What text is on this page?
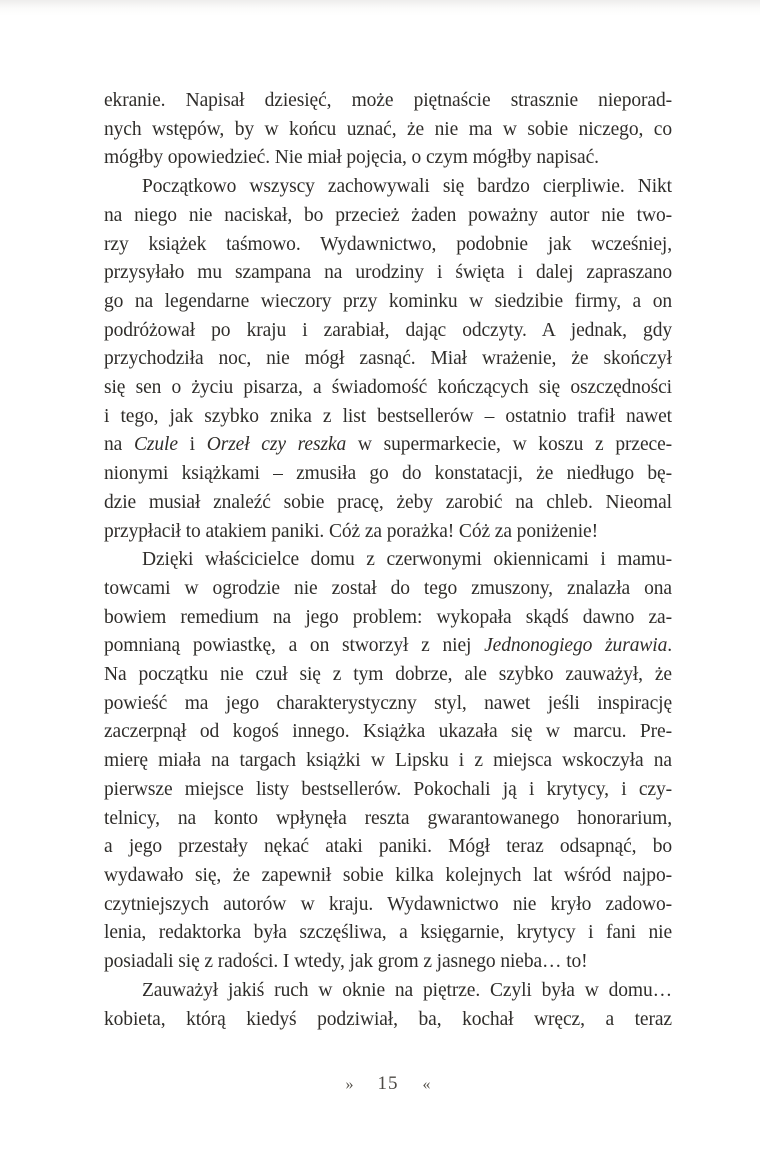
ekranie. Napisał dziesięć, może piętnaście strasznie nieporad-
nych wstępów, by w końcu uznać, że nie ma w sobie niczego, co
mógłby opowiedzieć. Nie miał pojęcia, o czym mógłby napisać.
Początkowo wszyscy zachowywali się bardzo cierpliwie. Nikt
na niego nie naciskał, bo przecież żaden poważny autor nie two-
rzy książek taśmowo. Wydawnictwo, podobnie jak wcześniej,
przysyłało mu szampana na urodziny i święta i dalej zapraszano
go na legendarne wieczory przy kominku w siedzibie firmy, a on
podróżował po kraju i zarabiał, dając odczyty. A jednak, gdy
przychodziła noc, nie mógł zasnąć. Miał wrażenie, że skończył
się sen o życiu pisarza, a świadomość kończących się oszczędności
i tego, jak szybko znika z list bestsellerów – ostatnio trafił nawet
na Czule i Orzeł czy reszka w supermarkecie, w koszu z przece-
nionymi książkami – zmusiła go do konstatacji, że niedługo bę-
dzie musiał znaleźć sobie pracę, żeby zarobić na chleb. Nieomal
przypłacił to atakiem paniki. Cóż za porażka! Cóż za poniżenie!
Dzięki właścicielce domu z czerwonymi okiennicami i mamu-
towcami w ogrodzie nie został do tego zmuszony, znalazła ona
bowiem remedium na jego problem: wykopała skądś dawno za-
pomnianą powiastkę, a on stworzył z niej Jednonogiego żurawia.
Na początku nie czuł się z tym dobrze, ale szybko zauważył, że
powieść ma jego charakterystyczny styl, nawet jeśli inspirację
zaczerpnął od kogoś innego. Książka ukazała się w marcu. Pre-
mierę miała na targach książki w Lipsku i z miejsca wskoczyła na
pierwsze miejsce listy bestsellerów. Pokochali ją i krytycy, i czy-
telnicy, na konto wpłynęła reszta gwarantowanego honorarium,
a jego przestały nękać ataki paniki. Mógł teraz odsapnąć, bo
wydawało się, że zapewnił sobie kilka kolejnych lat wśród najpo-
czytniejszych autorów w kraju. Wydawnictwo nie kryło zadowo-
lenia, redaktorka była szczęśliwa, a księgarnie, krytycy i fani nie
posiadali się z radości. I wtedy, jak grom z jasnego nieba… to!
Zauważył jakiś ruch w oknie na piętrze. Czyli była w domu…
kobieta, którą kiedyś podziwiał, ba, kochał wręcz, a teraz
» 15 «
